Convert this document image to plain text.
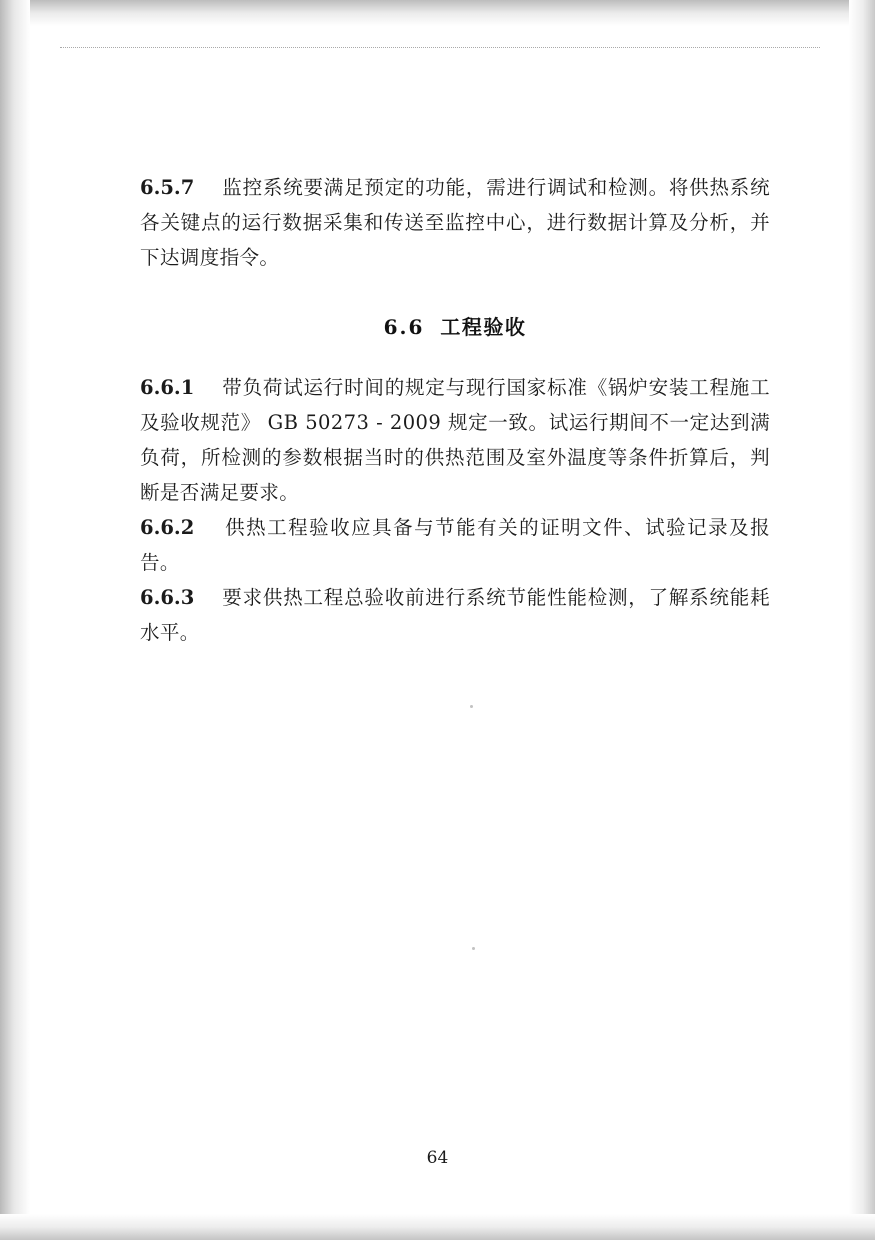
6.5.7 监控系统要满足预定的功能，需进行调试和检测。将供热系统各关键点的运行数据采集和传送至监控中心，进行数据计算及分析，并下达调度指令。

6.6 工程验收

6.6.1 带负荷试运行时间的规定与现行国家标准《锅炉安装工程施工及验收规范》 GB 50273 - 2009 规定一致。试运行期间不一定达到满负荷，所检测的参数根据当时的供热范围及室外温度等条件折算后，判断是否满足要求。

6.6.2 供热工程验收应具备与节能有关的证明文件、试验记录及报告。

6.6.3 要求供热工程总验收前进行系统节能性能检测，了解系统能耗水平。

64
